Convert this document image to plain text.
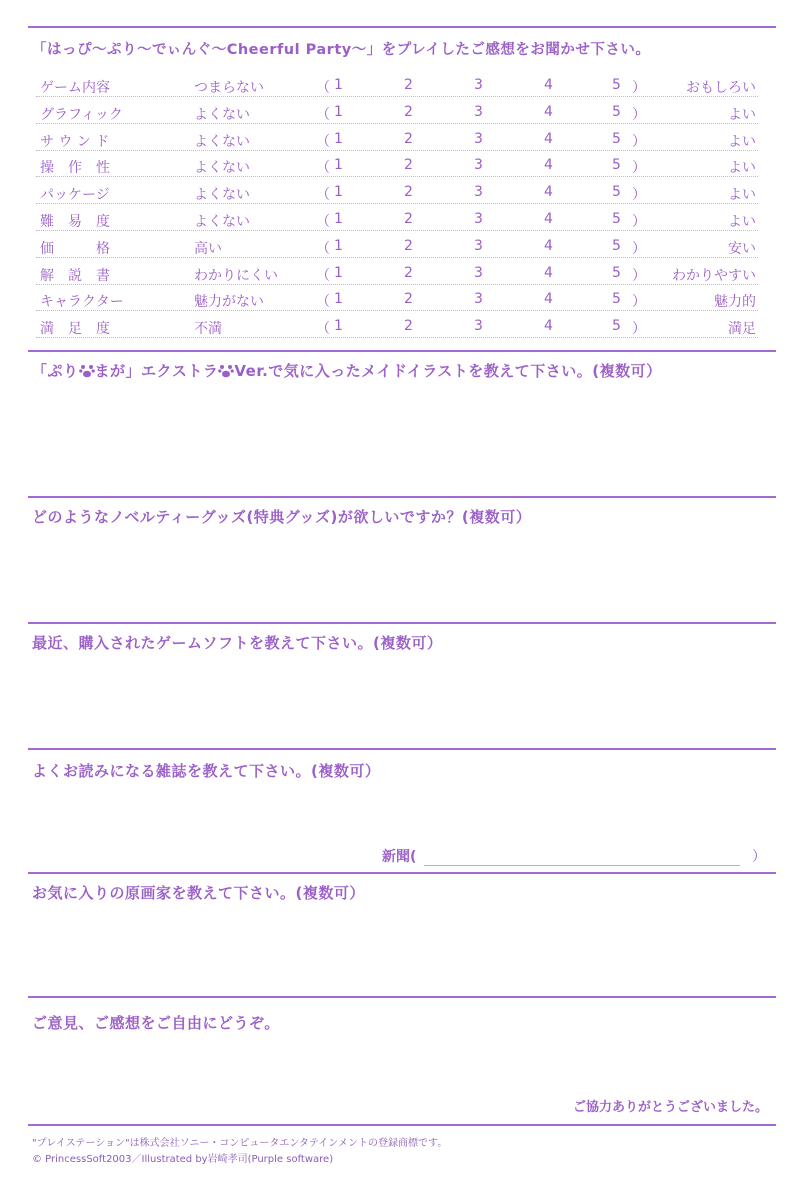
「はっぴ〜ぷり〜でぃんぐ〜Cheerful Party〜」をプレイしたご感想をお聞かせ下さい。
ゲーム内容	つまらない	（ 1	2	3	4	5 ）	おもしろい
グラフィック	よくない	（ 1	2	3	4	5 ）	よい
サ ウ ン ド	よくない	（ 1	2	3	4	5 ）	よい
操　作　性	よくない	（ 1	2	3	4	5 ）	よい
パッケージ	よくない	（ 1	2	3	4	5 ）	よい
難　易　度	よくない	（ 1	2	3	4	5 ）	よい
価　　　格	高い	（ 1	2	3	4	5 ）	安い
解　説　書	わかりにくい	（ 1	2	3	4	5 ） わかりやすい
キャラクター	魅力がない	（ 1	2	3	4	5 ）	魅力的
満　足　度	不満	（ 1	2	3	4	5 ）	満足
「ぷり まが」エクストラ Ver.で気に入ったメイドイラストを教えて下さい。(複数可）
どのようなノベルティーグッズ(特典グッズ)が欲しいですか？(複数可）
最近、購入されたゲームソフトを教えて下さい。(複数可）
よくお読みになる雑誌を教えて下さい。(複数可）
新聞(	）
お気に入りの原画家を教えて下さい。(複数可）
ご意見、ご感想をご自由にどうぞ。
ご協力ありがとうございました。
"プレイステーション"は株式会社ソニー・コンピュータエンタテインメントの登録商標です。
© PrincessSoft2003／Illustrated by岩崎孝司(Purple software)
